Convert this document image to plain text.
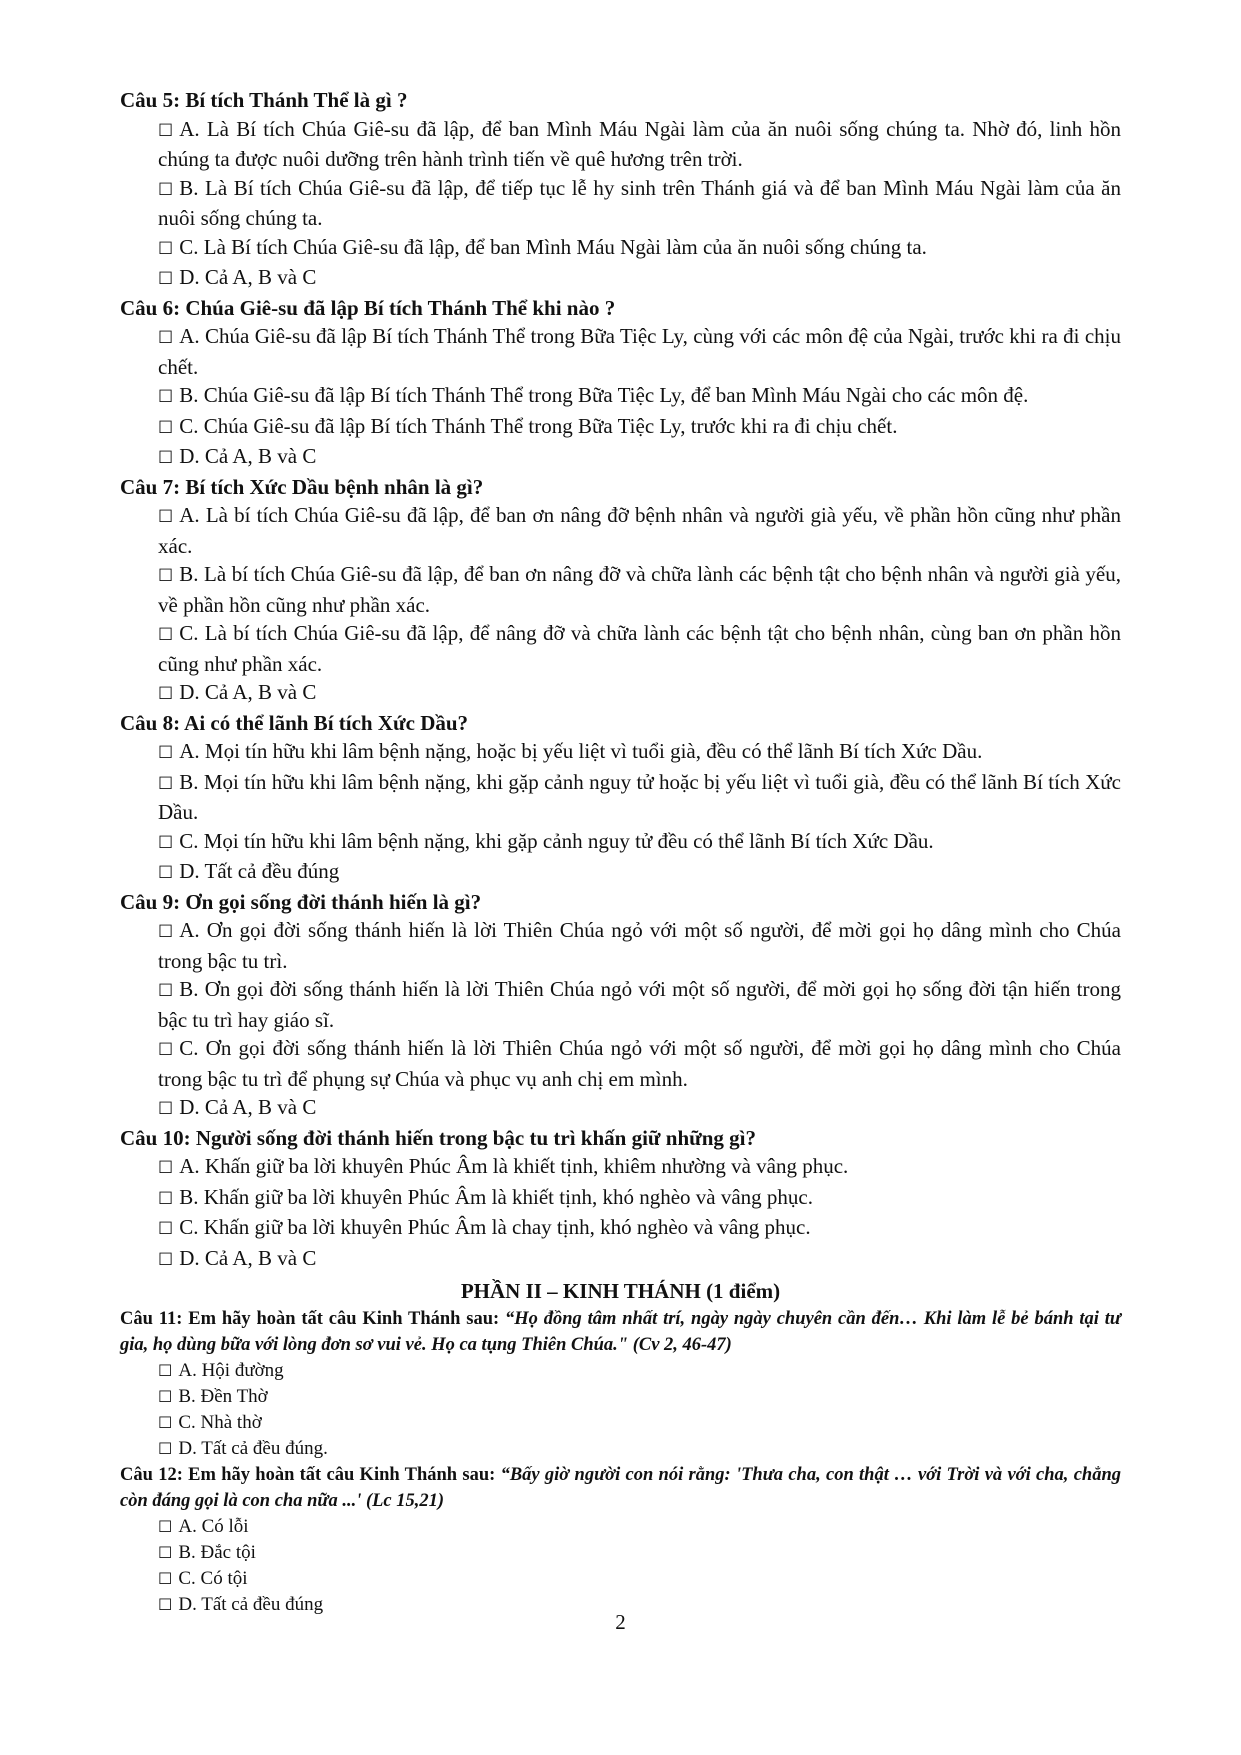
Câu 5: Bí tích Thánh Thể là gì ?

☐ A. Là Bí tích Chúa Giê-su đã lập, để ban Mình Máu Ngài làm của ăn nuôi sống chúng ta. Nhờ đó, linh hồn chúng ta được nuôi dưỡng trên hành trình tiến về quê hương trên trời.

☐ B. Là Bí tích Chúa Giê-su đã lập, để tiếp tục lễ hy sinh trên Thánh giá và để ban Mình Máu Ngài làm của ăn nuôi sống chúng ta.

☐ C. Là Bí tích Chúa Giê-su đã lập, để ban Mình Máu Ngài làm của ăn nuôi sống chúng ta.

☐ D. Cả A, B và C

Câu 6: Chúa Giê-su đã lập Bí tích Thánh Thể khi nào ?

☐ A. Chúa Giê-su đã lập Bí tích Thánh Thể trong Bữa Tiệc Ly, cùng với các môn đệ của Ngài, trước khi ra đi chịu chết.

☐ B. Chúa Giê-su đã lập Bí tích Thánh Thể trong Bữa Tiệc Ly, để ban Mình Máu Ngài cho các môn đệ.

☐ C. Chúa Giê-su đã lập Bí tích Thánh Thể trong Bữa Tiệc Ly, trước khi ra đi chịu chết.

☐ D. Cả A, B và C

Câu 7: Bí tích Xức Dầu bệnh nhân là gì?

☐ A. Là bí tích Chúa Giê-su đã lập, để ban ơn nâng đỡ bệnh nhân và người già yếu, về phần hồn cũng như phần xác.

☐ B. Là bí tích Chúa Giê-su đã lập, để ban ơn nâng đỡ và chữa lành các bệnh tật cho bệnh nhân và người già yếu, về phần hồn cũng như phần xác.

☐ C. Là bí tích Chúa Giê-su đã lập, để nâng đỡ và chữa lành các bệnh tật cho bệnh nhân, cùng ban ơn phần hồn cũng như phần xác.

☐ D. Cả A, B và C

Câu 8: Ai có thể lãnh Bí tích Xức Dầu?

☐ A. Mọi tín hữu khi lâm bệnh nặng, hoặc bị yếu liệt vì tuổi già, đều có thể lãnh Bí tích Xức Dầu.

☐ B. Mọi tín hữu khi lâm bệnh nặng, khi gặp cảnh nguy tử hoặc bị yếu liệt vì tuổi già, đều có thể lãnh Bí tích Xức Dầu.

☐ C. Mọi tín hữu khi lâm bệnh nặng, khi gặp cảnh nguy tử đều có thể lãnh Bí tích Xức Dầu.

☐ D. Tất cả đều đúng

Câu 9: Ơn gọi sống đời thánh hiến là gì?

☐ A. Ơn gọi đời sống thánh hiến là lời Thiên Chúa ngỏ với một số người, để mời gọi họ dâng mình cho Chúa trong bậc tu trì.

☐ B. Ơn gọi đời sống thánh hiến là lời Thiên Chúa ngỏ với một số người, để mời gọi họ sống đời tận hiến trong bậc tu trì hay giáo sĩ.

☐ C. Ơn gọi đời sống thánh hiến là lời Thiên Chúa ngỏ với một số người, để mời gọi họ dâng mình cho Chúa trong bậc tu trì để phụng sự Chúa và phục vụ anh chị em mình.

☐ D. Cả A, B và C

Câu 10: Người sống đời thánh hiến trong bậc tu trì khấn giữ những gì?

☐ A. Khấn giữ ba lời khuyên Phúc Âm là khiết tịnh, khiêm nhường và vâng phục.

☐ B. Khấn giữ ba lời khuyên Phúc Âm là khiết tịnh, khó nghèo và vâng phục.

☐ C. Khấn giữ ba lời khuyên Phúc Âm là chay tịnh, khó nghèo và vâng phục.

☐ D. Cả A, B và C

PHẦN II – KINH THÁNH (1 điểm)

Câu 11: Em hãy hoàn tất câu Kinh Thánh sau: “Họ đồng tâm nhất trí, ngày ngày chuyên cần đến… Khi làm lễ bẻ bánh tại tư gia, họ dùng bữa với lòng đơn sơ vui vẻ. Họ ca tụng Thiên Chúa." (Cv 2, 46-47)

☐ A. Hội đường

☐ B. Đền Thờ

☐ C. Nhà thờ

☐ D. Tất cả đều đúng.

Câu 12: Em hãy hoàn tất câu Kinh Thánh sau: “Bấy giờ người con nói rằng: 'Thưa cha, con thật … với Trời và với cha, chẳng còn đáng gọi là con cha nữa ...' (Lc 15,21)

☐ A. Có lỗi

☐ B. Đắc tội

☐ C. Có tội

☐ D. Tất cả đều đúng

2
